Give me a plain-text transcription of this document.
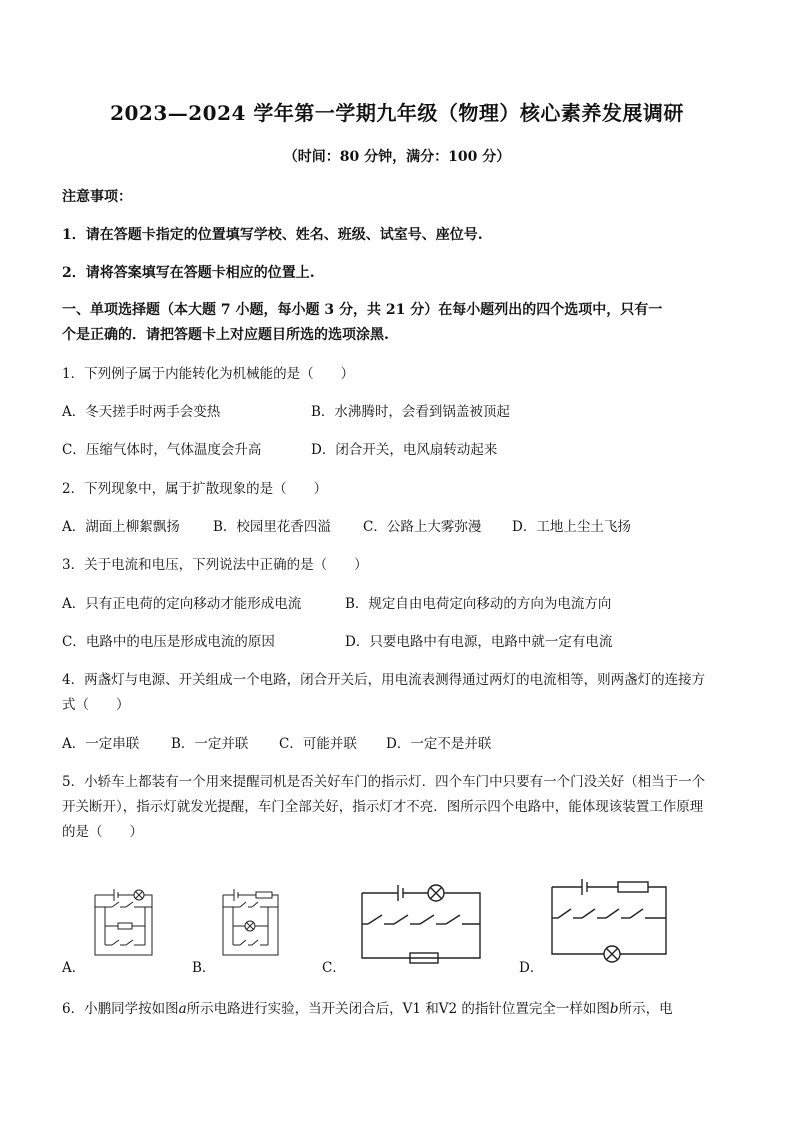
2023—2024 学年第一学期九年级（物理）核心素养发展调研
（时间：80 分钟，满分：100 分）
注意事项：
1．请在答题卡指定的位置填写学校、姓名、班级、试室号、座位号.
2．请将答案填写在答题卡相应的位置上.
一、单项选择题（本大题 7 小题，每小题 3 分，共 21 分）在每小题列出的四个选项中，只有一
个是正确的．请把答题卡上对应题目所选的选项涂黑.
1．下列例子属于内能转化为机械能的是（　　）
A．冬天搓手时两手会变热	B．水沸腾时，会看到锅盖被顶起
C．压缩气体时，气体温度会升高	D．闭合开关，电风扇转动起来
2．下列现象中，属于扩散现象的是（　　）
A．湖面上柳絮飘扬 B．校园里花香四溢 C．公路上大雾弥漫 D．工地上尘土飞扬
3．关于电流和电压，下列说法中正确的是（　　）
A．只有正电荷的定向移动才能形成电流	B．规定自由电荷定向移动的方向为电流方向
C．电路中的电压是形成电流的原因	D．只要电路中有电源，电路中就一定有电流
4．两盏灯与电源、开关组成一个电路，闭合开关后，用电流表测得通过两灯的电流相等，则两盏灯的连接方
式（　　）
A．一定串联 B．一定并联 C．可能并联 D．一定不是并联
5．小轿车上都装有一个用来提醒司机是否关好车门的指示灯．四个车门中只要有一个门没关好（相当于一个
开关断开），指示灯就发光提醒，车门全部关好，指示灯才不亮．图所示四个电路中，能体现该装置工作原理
的是（　　）
A．	B．	C．	D．
6．小鹏同学按如图a所示电路进行实验，当开关闭合后，V1 和V2 的指针位置完全一样如图b所示，电
